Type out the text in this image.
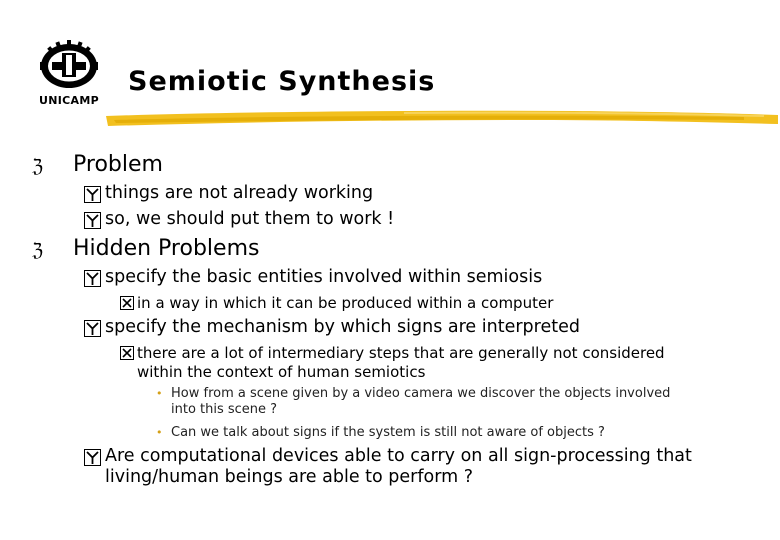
UNICAMP
Semiotic Synthesis
ℨ Problem
things are not already working
so, we should put them to work !
ℨ Hidden Problems
specify the basic entities involved within semiosis
in a way in which it can be produced within a computer
specify the mechanism by which signs are interpreted
there are a lot of intermediary steps that are generally not considered
within the context of human semiotics
• How from a scene given by a video camera we discover the objects involved
into this scene ?
• Can we talk about signs if the system is still not aware of objects ?
Are computational devices able to carry on all sign-processing that
living/human beings are able to perform ?
